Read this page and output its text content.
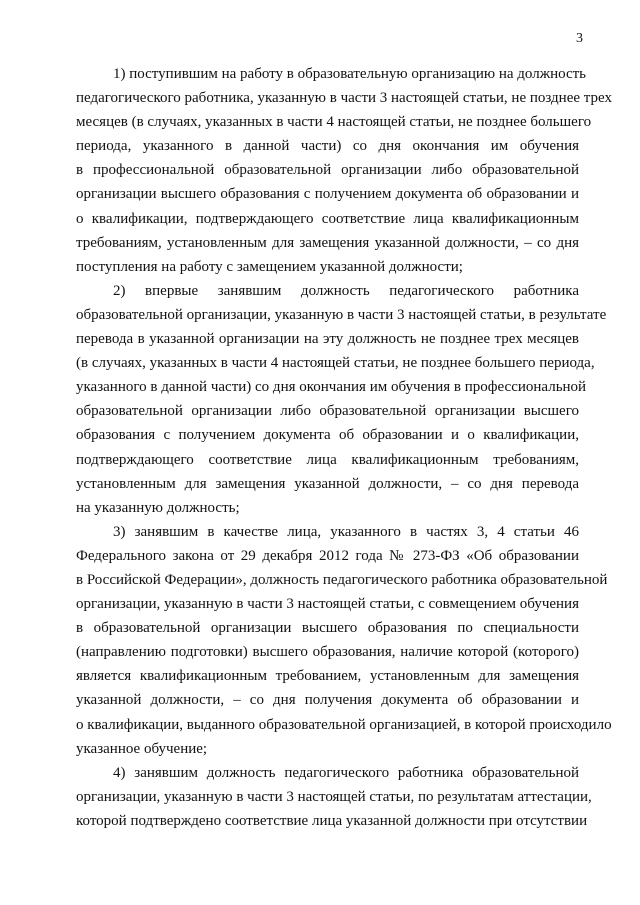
3
1) поступившим на работу в образовательную организацию на должность
педагогического работника, указанную в части 3 настоящей статьи, не позднее трех
месяцев (в случаях, указанных в части 4 настоящей статьи, не позднее большего
периода, указанного в данной части) со дня окончания им обучения
в профессиональной образовательной организации либо образовательной
организации высшего образования с получением документа об образовании и
о квалификации, подтверждающего соответствие лица квалификационным
требованиям, установленным для замещения указанной должности, – со дня
поступления на работу с замещением указанной должности;
2) впервые занявшим должность педагогического работника
образовательной организации, указанную в части 3 настоящей статьи, в результате
перевода в указанной организации на эту должность не позднее трех месяцев
(в случаях, указанных в части 4 настоящей статьи, не позднее большего периода,
указанного в данной части) со дня окончания им обучения в профессиональной
образовательной организации либо образовательной организации высшего
образования с получением документа об образовании и о квалификации,
подтверждающего соответствие лица квалификационным требованиям,
установленным для замещения указанной должности, – со дня перевода
на указанную должность;
3) занявшим в качестве лица, указанного в частях 3, 4 статьи 46
Федерального закона от 29 декабря 2012 года № 273-ФЗ «Об образовании
в Российской Федерации», должность педагогического работника образовательной
организации, указанную в части 3 настоящей статьи, с совмещением обучения
в образовательной организации высшего образования по специальности
(направлению подготовки) высшего образования, наличие которой (которого)
является квалификационным требованием, установленным для замещения
указанной должности, – со дня получения документа об образовании и
о квалификации, выданного образовательной организацией, в которой происходило
указанное обучение;
4) занявшим должность педагогического работника образовательной
организации, указанную в части 3 настоящей статьи, по результатам аттестации,
которой подтверждено соответствие лица указанной должности при отсутствии
